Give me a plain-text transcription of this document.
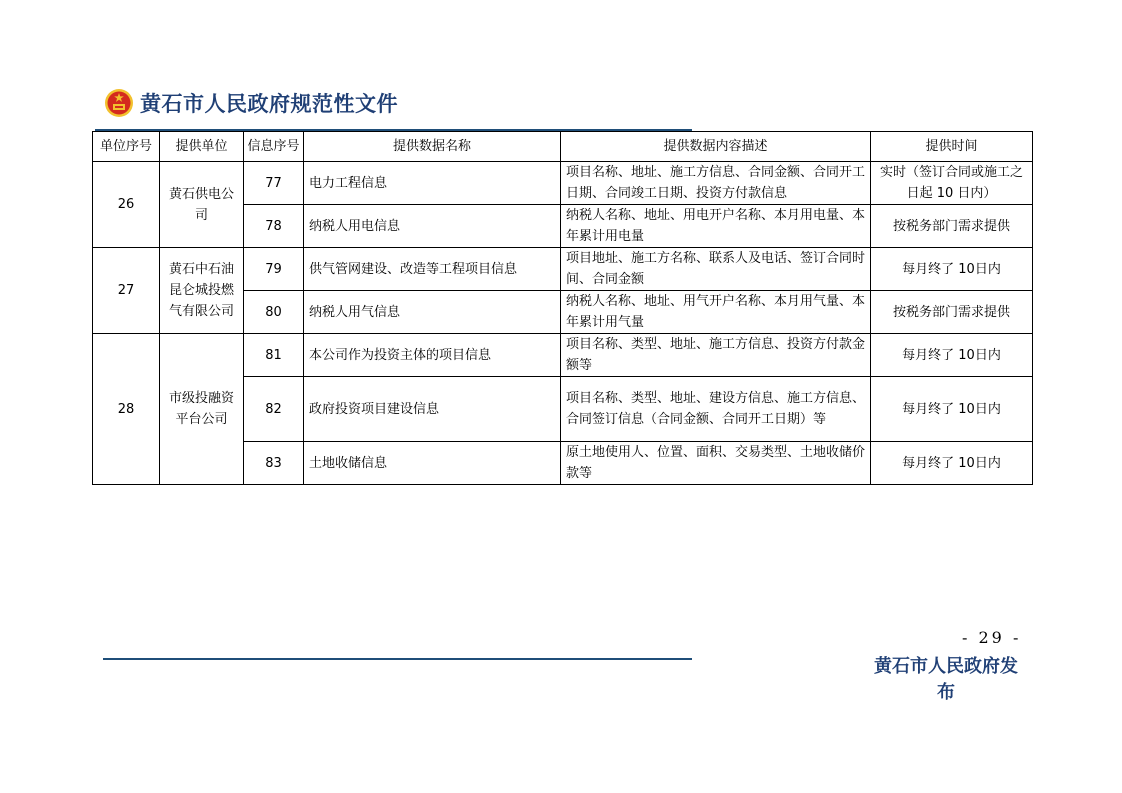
黄石市人民政府规范性文件
单位序号	提供单位	信息序号	提供数据名称	提供数据内容描述	提供时间
26	黄石供电公司	77	电力工程信息	项目名称、地址、施工方信息、合同金额、合同开工日期、合同竣工日期、投资方付款信息	实时（签订合同或施工之日起 10 日内）
		78	纳税人用电信息	纳税人名称、地址、用电开户名称、本月用电量、本年累计用电量	按税务部门需求提供
27	黄石中石油昆仑城投燃气有限公司	79	供气管网建设、改造等工程项目信息	项目地址、施工方名称、联系人及电话、签订合同时间、合同金额	每月终了 10日内
		80	纳税人用气信息	纳税人名称、地址、用气开户名称、本月用气量、本年累计用气量	按税务部门需求提供
28	市级投融资平台公司	81	本公司作为投资主体的项目信息	项目名称、类型、地址、施工方信息、投资方付款金额等	每月终了 10日内
		82	政府投资项目建设信息	项目名称、类型、地址、建设方信息、施工方信息、合同签订信息（合同金额、合同开工日期）等	每月终了 10日内
		83	土地收储信息	原土地使用人、位置、面积、交易类型、土地收储价款等	每月终了 10日内
- 29 -
黄石市人民政府发布
